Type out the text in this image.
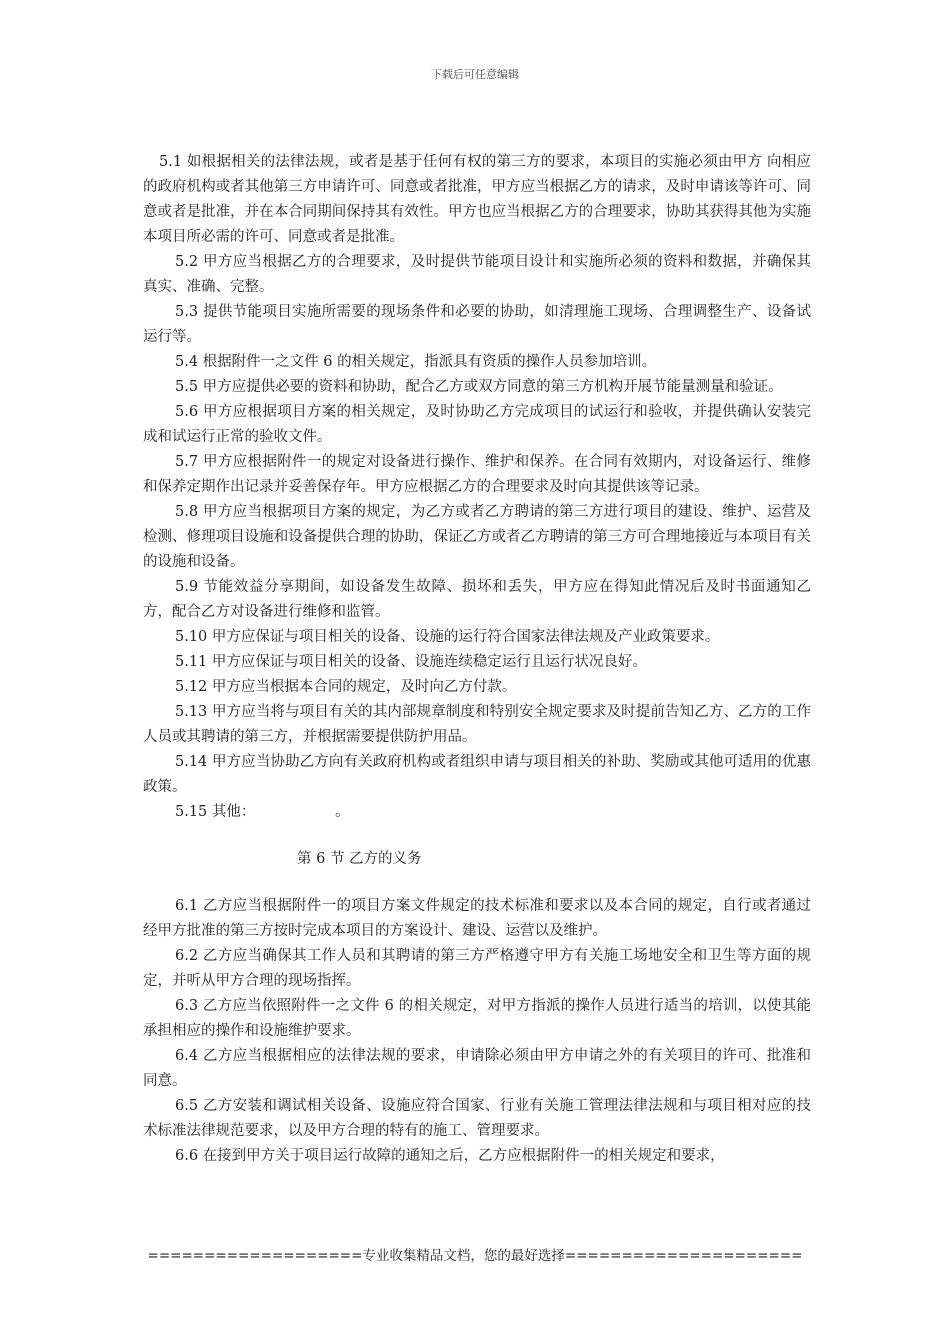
下载后可任意编辑

5.1 如根据相关的法律法规，或者是基于任何有权的第三方的要求，本项目的实施必须由甲方 向相应的政府机构或者其他第三方申请许可、同意或者批准，甲方应当根据乙方的请求，及时申请该等许可、同意或者是批准，并在本合同期间保持其有效性。甲方也应当根据乙方的合理要求，协助其获得其他为实施本项目所必需的许可、同意或者是批准。

5.2 甲方应当根据乙方的合理要求，及时提供节能项目设计和实施所必须的资料和数据，并确保其真实、准确、完整。

5.3 提供节能项目实施所需要的现场条件和必要的协助，如清理施工现场、合理调整生产、设备试运行等。

5.4 根据附件一之文件 6 的相关规定，指派具有资质的操作人员参加培训。

5.5 甲方应提供必要的资料和协助，配合乙方或双方同意的第三方机构开展节能量测量和验证。

5.6 甲方应根据项目方案的相关规定，及时协助乙方完成项目的试运行和验收，并提供确认安装完成和试运行正常的验收文件。

5.7 甲方应根据附件一的规定对设备进行操作、维护和保养。在合同有效期内，对设备运行、维修和保养定期作出记录并妥善保存年。甲方应根据乙方的合理要求及时向其提供该等记录。

5.8 甲方应当根据项目方案的规定，为乙方或者乙方聘请的第三方进行项目的建设、维护、运营及检测、修理项目设施和设备提供合理的协助，保证乙方或者乙方聘请的第三方可合理地接近与本项目有关的设施和设备。

5.9 节能效益分享期间，如设备发生故障、损坏和丢失，甲方应在得知此情况后及时书面通知乙方，配合乙方对设备进行维修和监管。

5.10 甲方应保证与项目相关的设备、设施的运行符合国家法律法规及产业政策要求。

5.11 甲方应保证与项目相关的设备、设施连续稳定运行且运行状况良好。

5.12 甲方应当根据本合同的规定，及时向乙方付款。

5.13 甲方应当将与项目有关的其内部规章制度和特别安全规定要求及时提前告知乙方、乙方的工作人员或其聘请的第三方，并根据需要提供防护用品。

5.14 甲方应当协助乙方向有关政府机构或者组织申请与项目相关的补助、奖励或其他可适用的优惠政策。

5.15 其他：　　　　　　。

第 6 节 乙方的义务

6.1 乙方应当根据附件一的项目方案文件规定的技术标准和要求以及本合同的规定，自行或者通过经甲方批准的第三方按时完成本项目的方案设计、建设、运营以及维护。

6.2 乙方应当确保其工作人员和其聘请的第三方严格遵守甲方有关施工场地安全和卫生等方面的规定，并听从甲方合理的现场指挥。

6.3 乙方应当依照附件一之文件 6 的相关规定，对甲方指派的操作人员进行适当的培训，以使其能承担相应的操作和设施维护要求。

6.4 乙方应当根据相应的法律法规的要求，申请除必须由甲方申请之外的有关项目的许可、批准和同意。

6.5 乙方安装和调试相关设备、设施应符合国家、行业有关施工管理法律法规和与项目相对应的技术标准法律规范要求，以及甲方合理的特有的施工、管理要求。

6.6 在接到甲方关于项目运行故障的通知之后，乙方应根据附件一的相关规定和要求，

===================专业收集精品文档，您的最好选择=====================
